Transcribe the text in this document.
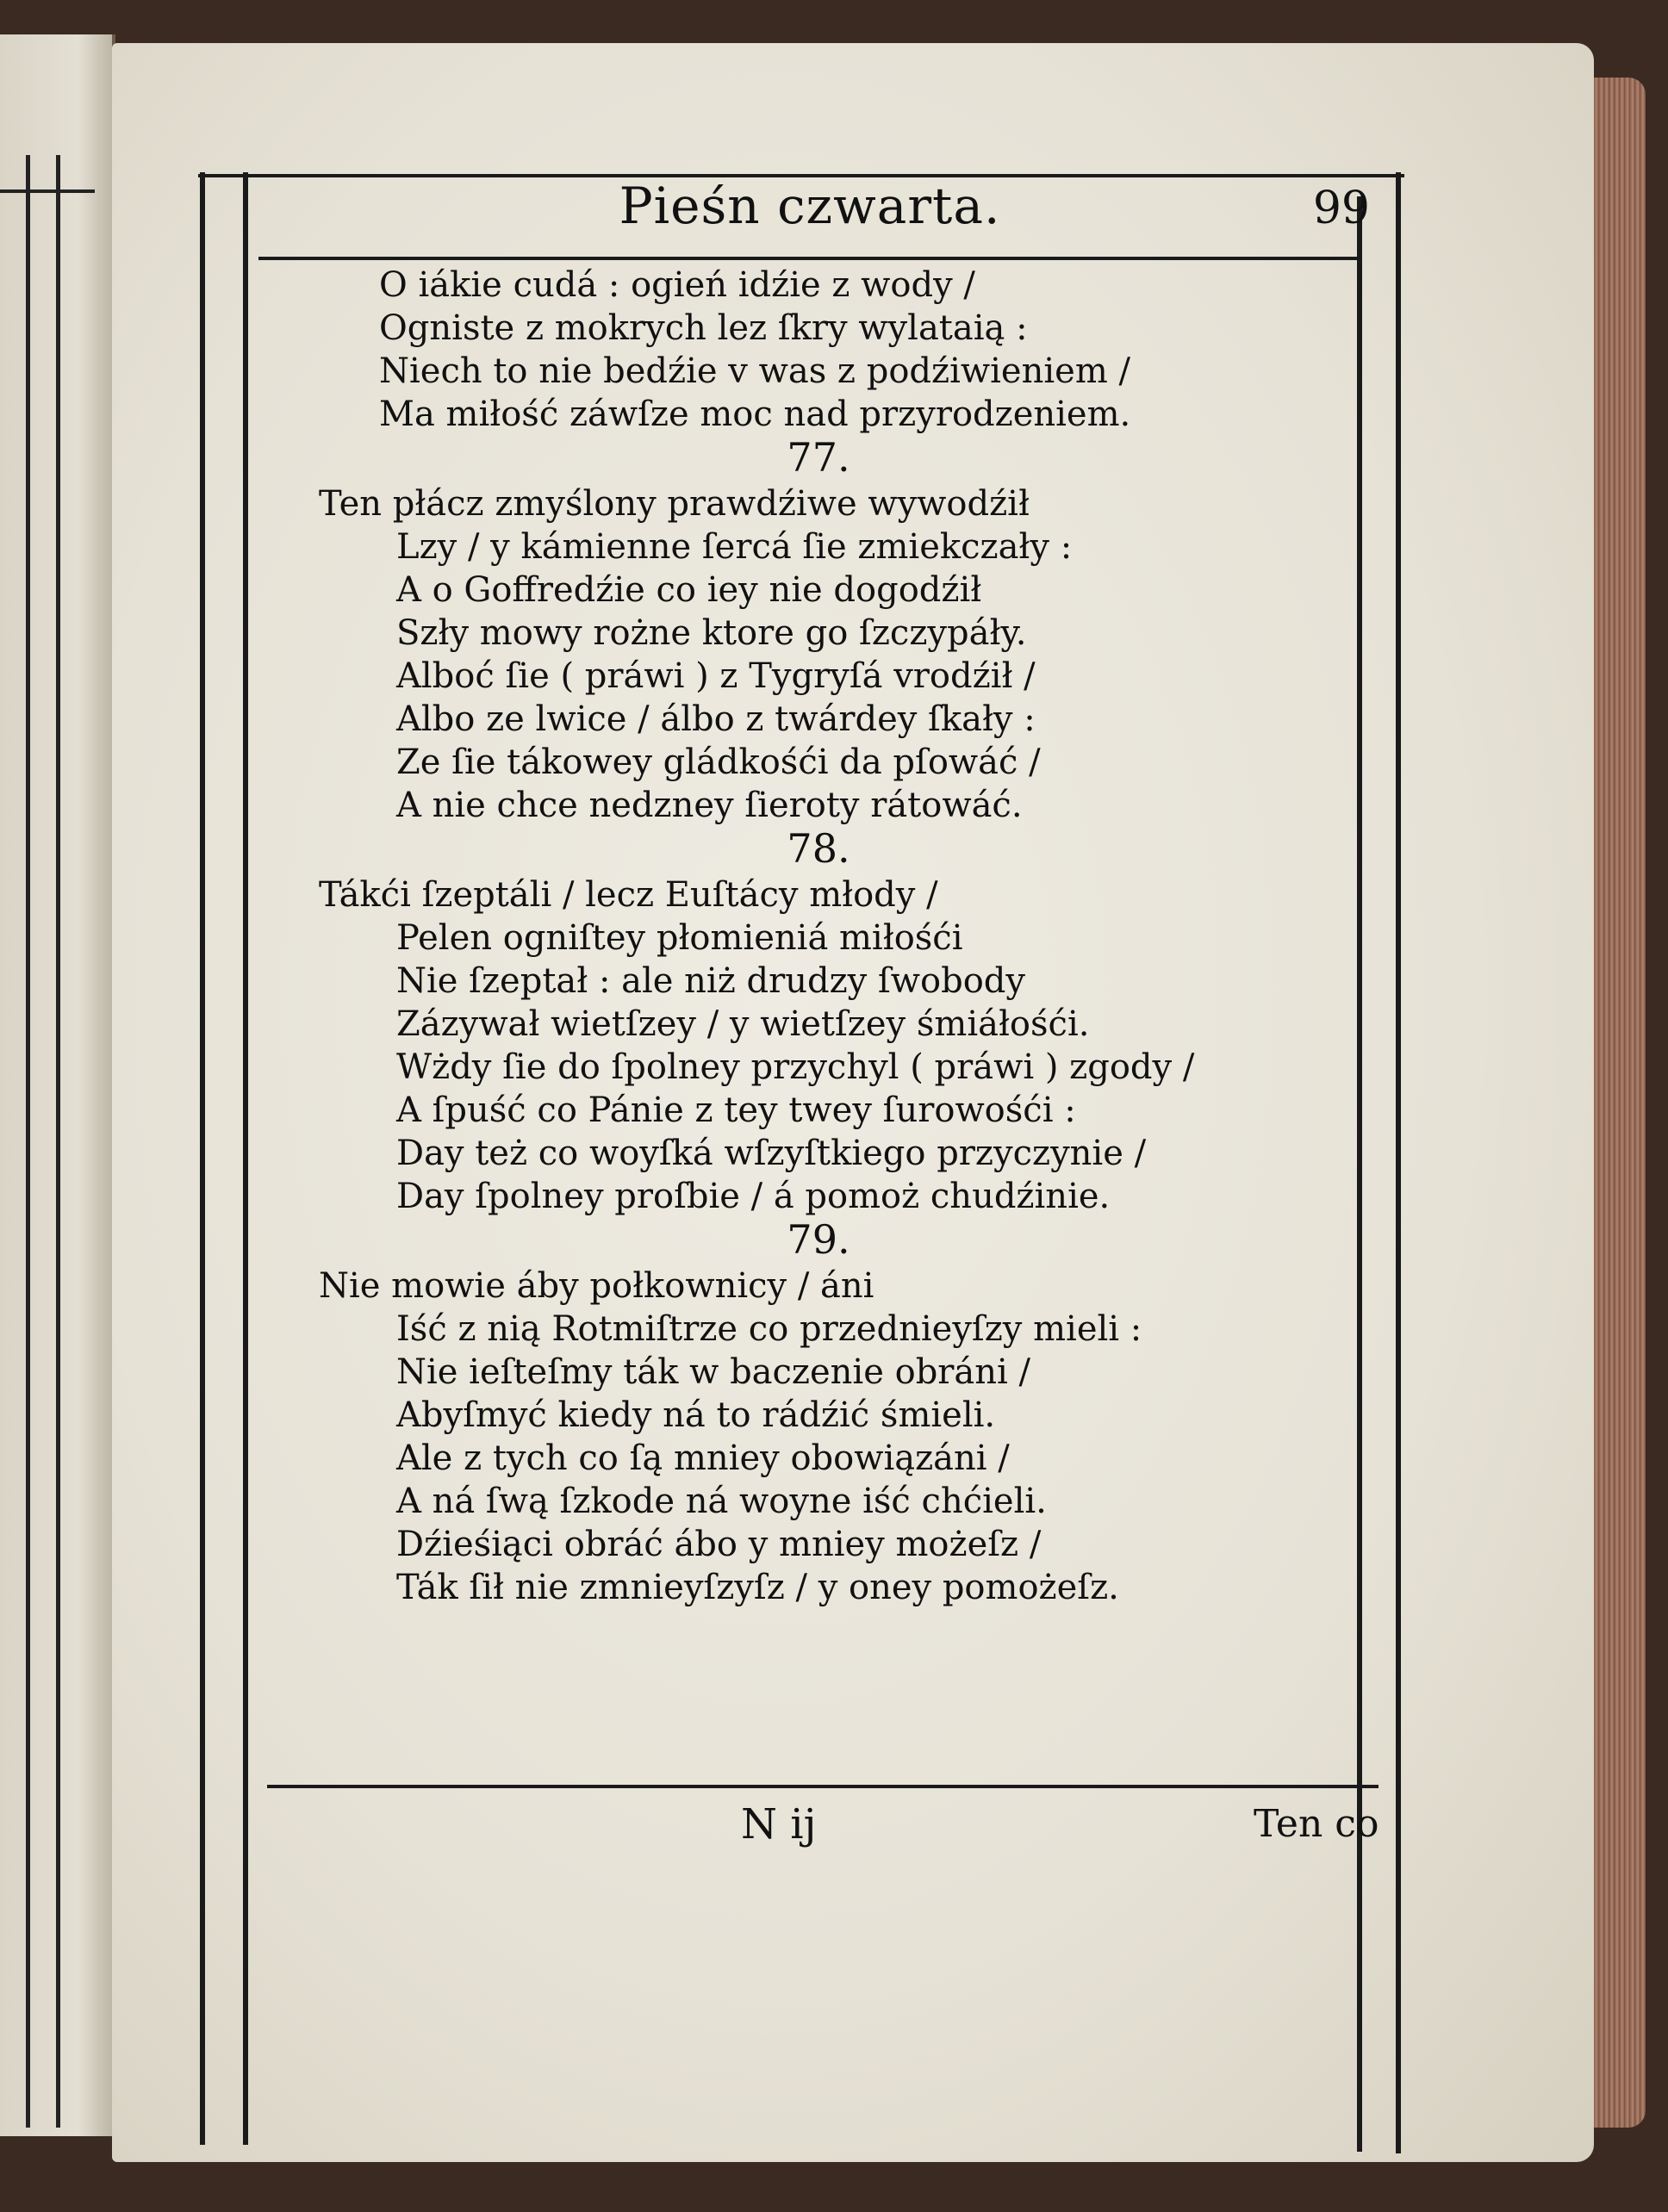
Pieśn czwarta.	99
O iákie cudá : ogień idźie z wody /
Ogniste z mokrych lez ſkry wylataią :
Niech to nie bedźie v was z podźiwieniem /
Ma miłość záwſze moc nad przyrodzeniem.
77.
Ten płácz zmyślony prawdźiwe wywodźił
Lzy / y kámienne ſercá ſie zmiekczały :
A o Goffredźie co iey nie dogodźił
Szły mowy rożne ktore go ſzczypáły.
Alboć ſie ( práwi ) z Tygryſá vrodźił /
Albo ze lwice / álbo z twárdey ſkały :
Ze ſie tákowey gládkośći da pſowáć /
A nie chce nedzney ſieroty rátowáć.
78.
Tákći ſzeptáli / lecz Euſtácy młody /
Pelen ogniſtey płomieniá miłośći
Nie ſzeptał : ale niż drudzy ſwobody
Zázywał wietſzey / y wietſzey śmiáłośći.
Wżdy ſie do ſpolney przychyl ( práwi ) zgody /
A ſpuść co Pánie z tey twey ſurowośći :
Day też co woyſká wſzyſtkiego przyczynie /
Day ſpolney proſbie / á pomoż chudźinie.
79.
Nie mowie áby połkownicy / áni
Iść z nią Rotmiſtrze co przednieyſzy mieli :
Nie ieſteſmy ták w baczenie obráni /
Abyſmyć kiedy ná to rádźić śmieli.
Ale z tych co ſą mniey obowiązáni /
A ná ſwą ſzkode ná woyne iść chćieli.
Dźieśiąci obráć ábo y mniey możeſz /
Ták ſił nie zmnieyſzyſz / y oney pomożeſz.
N ij	Ten co
